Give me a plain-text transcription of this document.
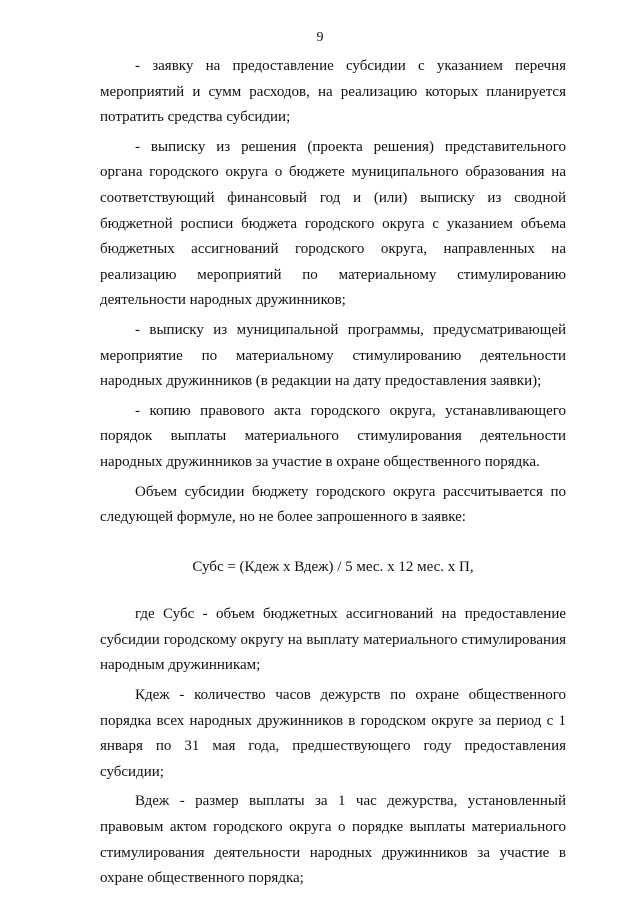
9

- заявку на предоставление субсидии с указанием перечня мероприятий и сумм расходов, на реализацию которых планируется потратить средства субсидии;

- выписку из решения (проекта решения) представительного органа городского округа о бюджете муниципального образования на соответствующий финансовый год и (или) выписку из сводной бюджетной росписи бюджета городского округа с указанием объема бюджетных ассигнований городского округа, направленных на реализацию мероприятий по материальному стимулированию деятельности народных дружинников;

- выписку из муниципальной программы, предусматривающей мероприятие по материальному стимулированию деятельности народных дружинников (в редакции на дату предоставления заявки);

- копию правового акта городского округа, устанавливающего порядок выплаты материального стимулирования деятельности народных дружинников за участие в охране общественного порядка.

Объем субсидии бюджету городского округа рассчитывается по следующей формуле, но не более запрошенного в заявке:

Субс = (Кдеж х Вдеж) / 5 мес. х 12 мес. х П,

где Субс - объем бюджетных ассигнований на предоставление субсидии городскому округу на выплату материального стимулирования народным дружинникам;

Кдеж - количество часов дежурств по охране общественного порядка всех народных дружинников в городском округе за период с 1 января по 31 мая года, предшествующего году предоставления субсидии;

Вдеж - размер выплаты за 1 час дежурства, установленный правовым актом городского округа о порядке выплаты материального стимулирования деятельности народных дружинников за участие в охране общественного порядка;
